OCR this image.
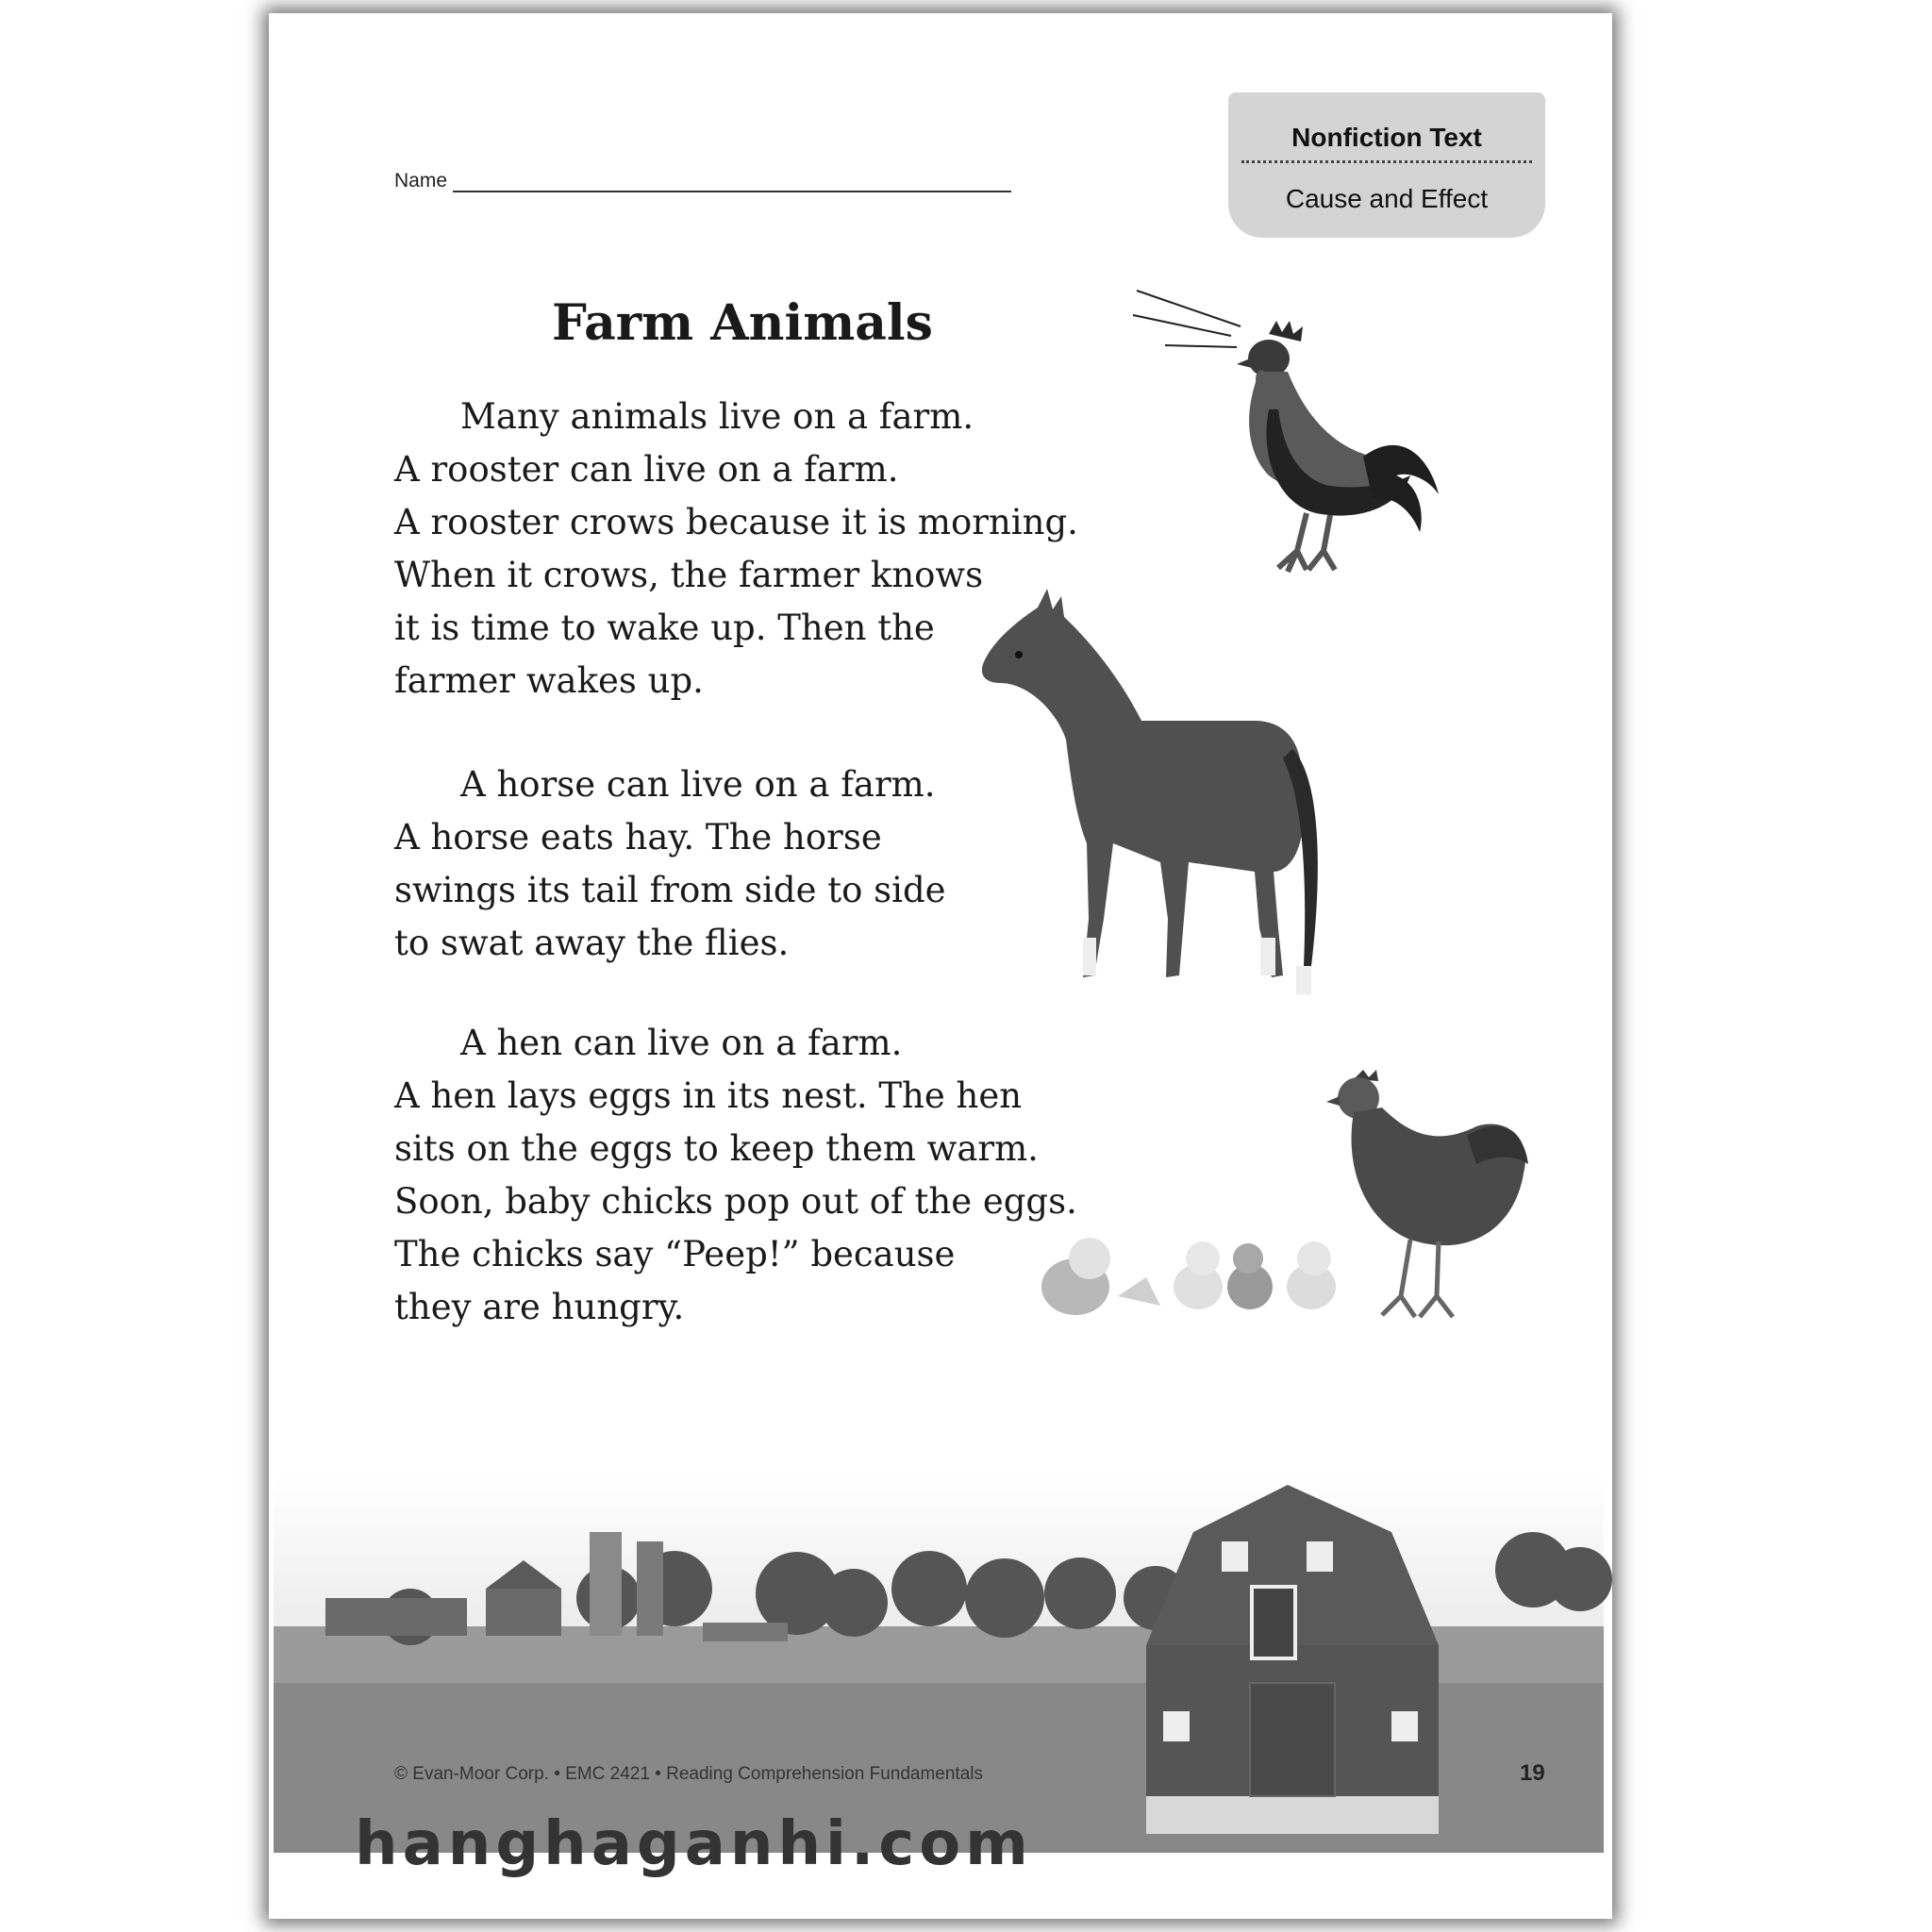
Name
Nonfiction Text
Cause and Effect
Farm Animals
Many animals live on a farm.
A rooster can live on a farm.
A rooster crows because it is morning.
When it crows, the farmer knows
it is time to wake up. Then the
farmer wakes up.
A horse can live on a farm.
A horse eats hay. The horse
swings its tail from side to side
to swat away the flies.
A hen can live on a farm.
A hen lays eggs in its nest. The hen
sits on the eggs to keep them warm.
Soon, baby chicks pop out of the eggs.
The chicks say “Peep!” because
they are hungry.
© Evan-Moor Corp. • EMC 2421 • Reading Comprehension Fundamentals	19
hanghaganhi.com
